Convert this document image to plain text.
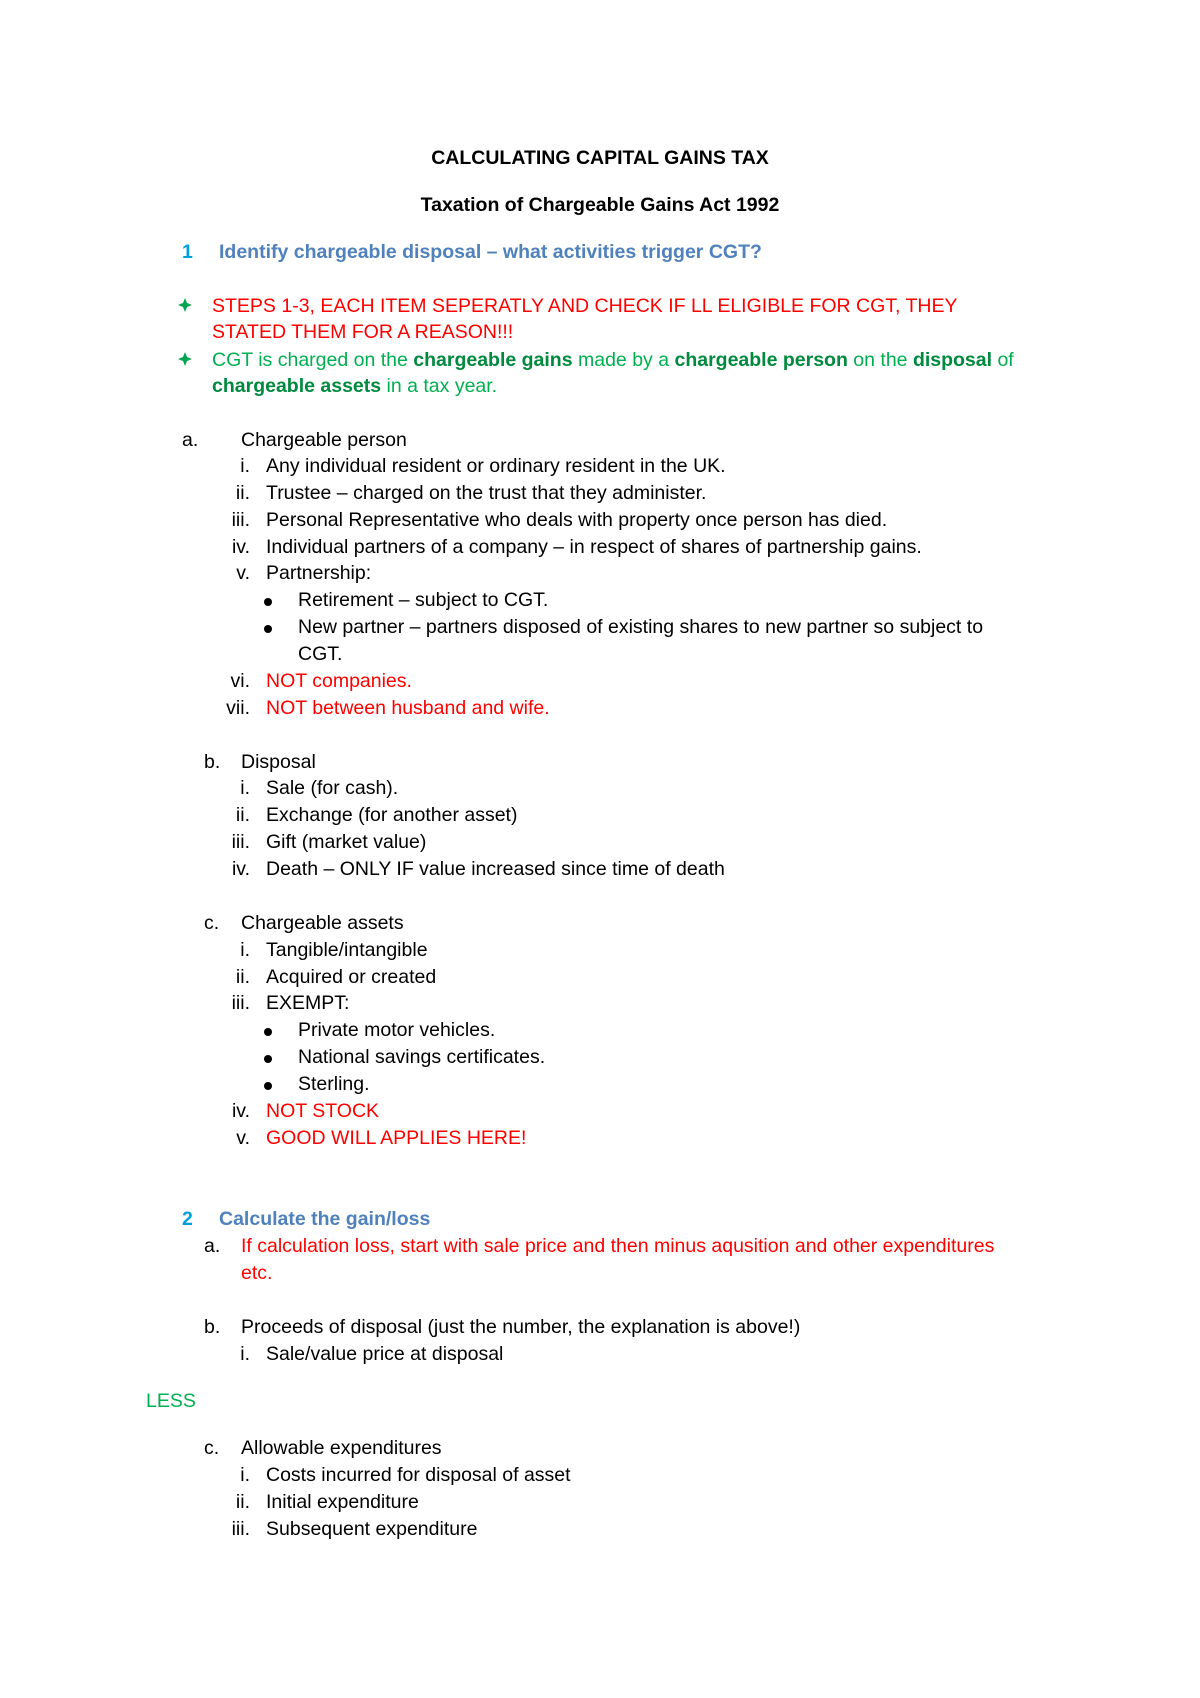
CALCULATING CAPITAL GAINS TAX
Taxation of Chargeable Gains Act 1992
1 Identify chargeable disposal – what activities trigger CGT?
STEPS 1-3, EACH ITEM SEPERATLY AND CHECK IF LL ELIGIBLE FOR CGT, THEY
STATED THEM FOR A REASON!!!
CGT is charged on the chargeable gains made by a chargeable person on the disposal of
chargeable assets in a tax year.
a.	Chargeable person
i. Any individual resident or ordinary resident in the UK.
ii. Trustee – charged on the trust that they administer.
iii. Personal Representative who deals with property once person has died.
iv. Individual partners of a company – in respect of shares of partnership gains.
v. Partnership:
Retirement – subject to CGT.
New partner – partners disposed of existing shares to new partner so subject to
CGT.
vi. NOT companies.
vii. NOT between husband and wife.
b. Disposal
i. Sale (for cash).
ii. Exchange (for another asset)
iii. Gift (market value)
iv. Death – ONLY IF value increased since time of death
c. Chargeable assets
i. Tangible/intangible
ii. Acquired or created
iii. EXEMPT:
Private motor vehicles.
National savings certificates.
Sterling.
iv. NOT STOCK
v. GOOD WILL APPLIES HERE!
2 Calculate the gain/loss
a. If calculation loss, start with sale price and then minus aqusition and other expenditures
etc.
b. Proceeds of disposal (just the number, the explanation is above!)
i. Sale/value price at disposal
LESS
c. Allowable expenditures
i. Costs incurred for disposal of asset
ii. Initial expenditure
iii. Subsequent expenditure
